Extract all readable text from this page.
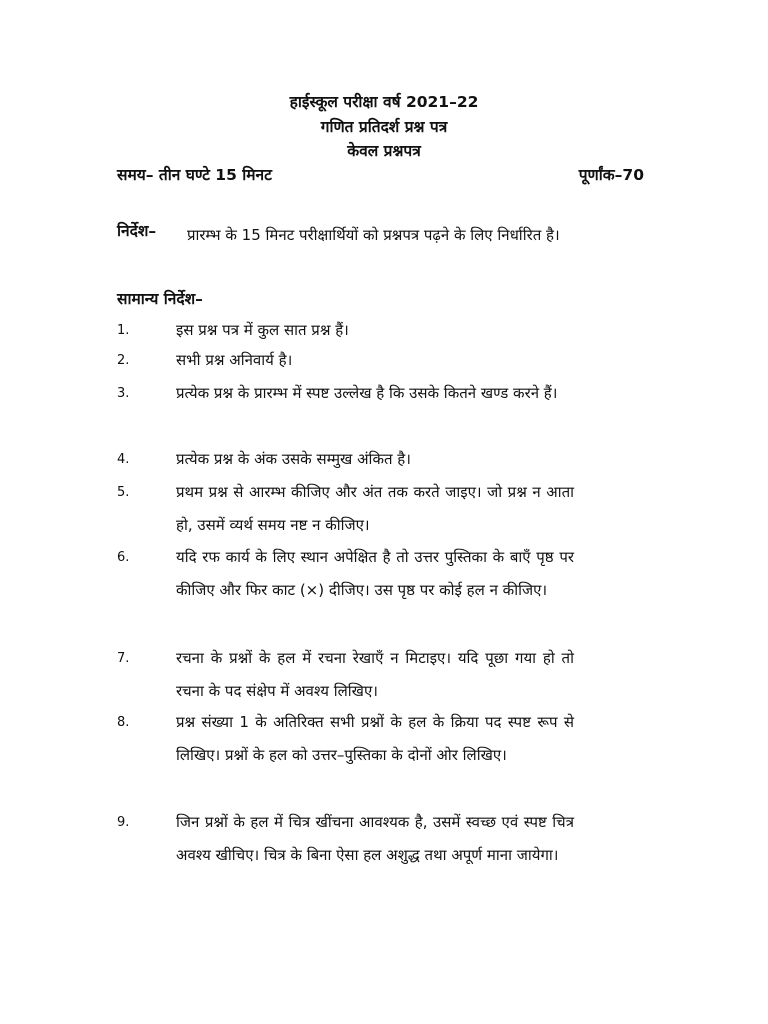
हाईस्कूल परीक्षा वर्ष 2021–22
गणित प्रतिदर्श प्रश्न पत्र
केवल प्रश्नपत्र
समय– तीन घण्टे 15 मिनट	पूर्णांक–70
निर्देश– प्रारम्भ के 15 मिनट परीक्षार्थियों को प्रश्नपत्र पढ़ने के लिए निर्धारित है।
सामान्य निर्देश–
1.	इस प्रश्न पत्र में कुल सात प्रश्न हैं।
2.	सभी प्रश्न अनिवार्य है।
3.	प्रत्येक प्रश्न के प्रारम्भ में स्पष्ट उल्लेख है कि उसके कितने खण्ड करने हैं।
4.	प्रत्येक प्रश्न के अंक उसके सम्मुख अंकित है।
5.	प्रथम प्रश्न से आरम्भ कीजिए और अंत तक करते जाइए। जो प्रश्न न आता हो, उसमें व्यर्थ समय नष्ट न कीजिए।
6.	यदि रफ कार्य के लिए स्थान अपेक्षित है तो उत्तर पुस्तिका के बाएँ पृष्ठ पर कीजिए और फिर काट (×) दीजिए। उस पृष्ठ पर कोई हल न कीजिए।
7.	रचना के प्रश्नों के हल में रचना रेखाएँ न मिटाइए। यदि पूछा गया हो तो रचना के पद संक्षेप में अवश्य लिखिए।
8.	प्रश्न संख्या 1 के अतिरिक्त सभी प्रश्नों के हल के क्रिया पद स्पष्ट रूप से लिखिए। प्रश्नों के हल को उत्तर–पुस्तिका के दोनों ओर लिखिए।
9.	जिन प्रश्नों के हल में चित्र खींचना आवश्यक है, उसमें स्वच्छ एवं स्पष्ट चित्र अवश्य खीचिए। चित्र के बिना ऐसा हल अशुद्ध तथा अपूर्ण माना जायेगा।
